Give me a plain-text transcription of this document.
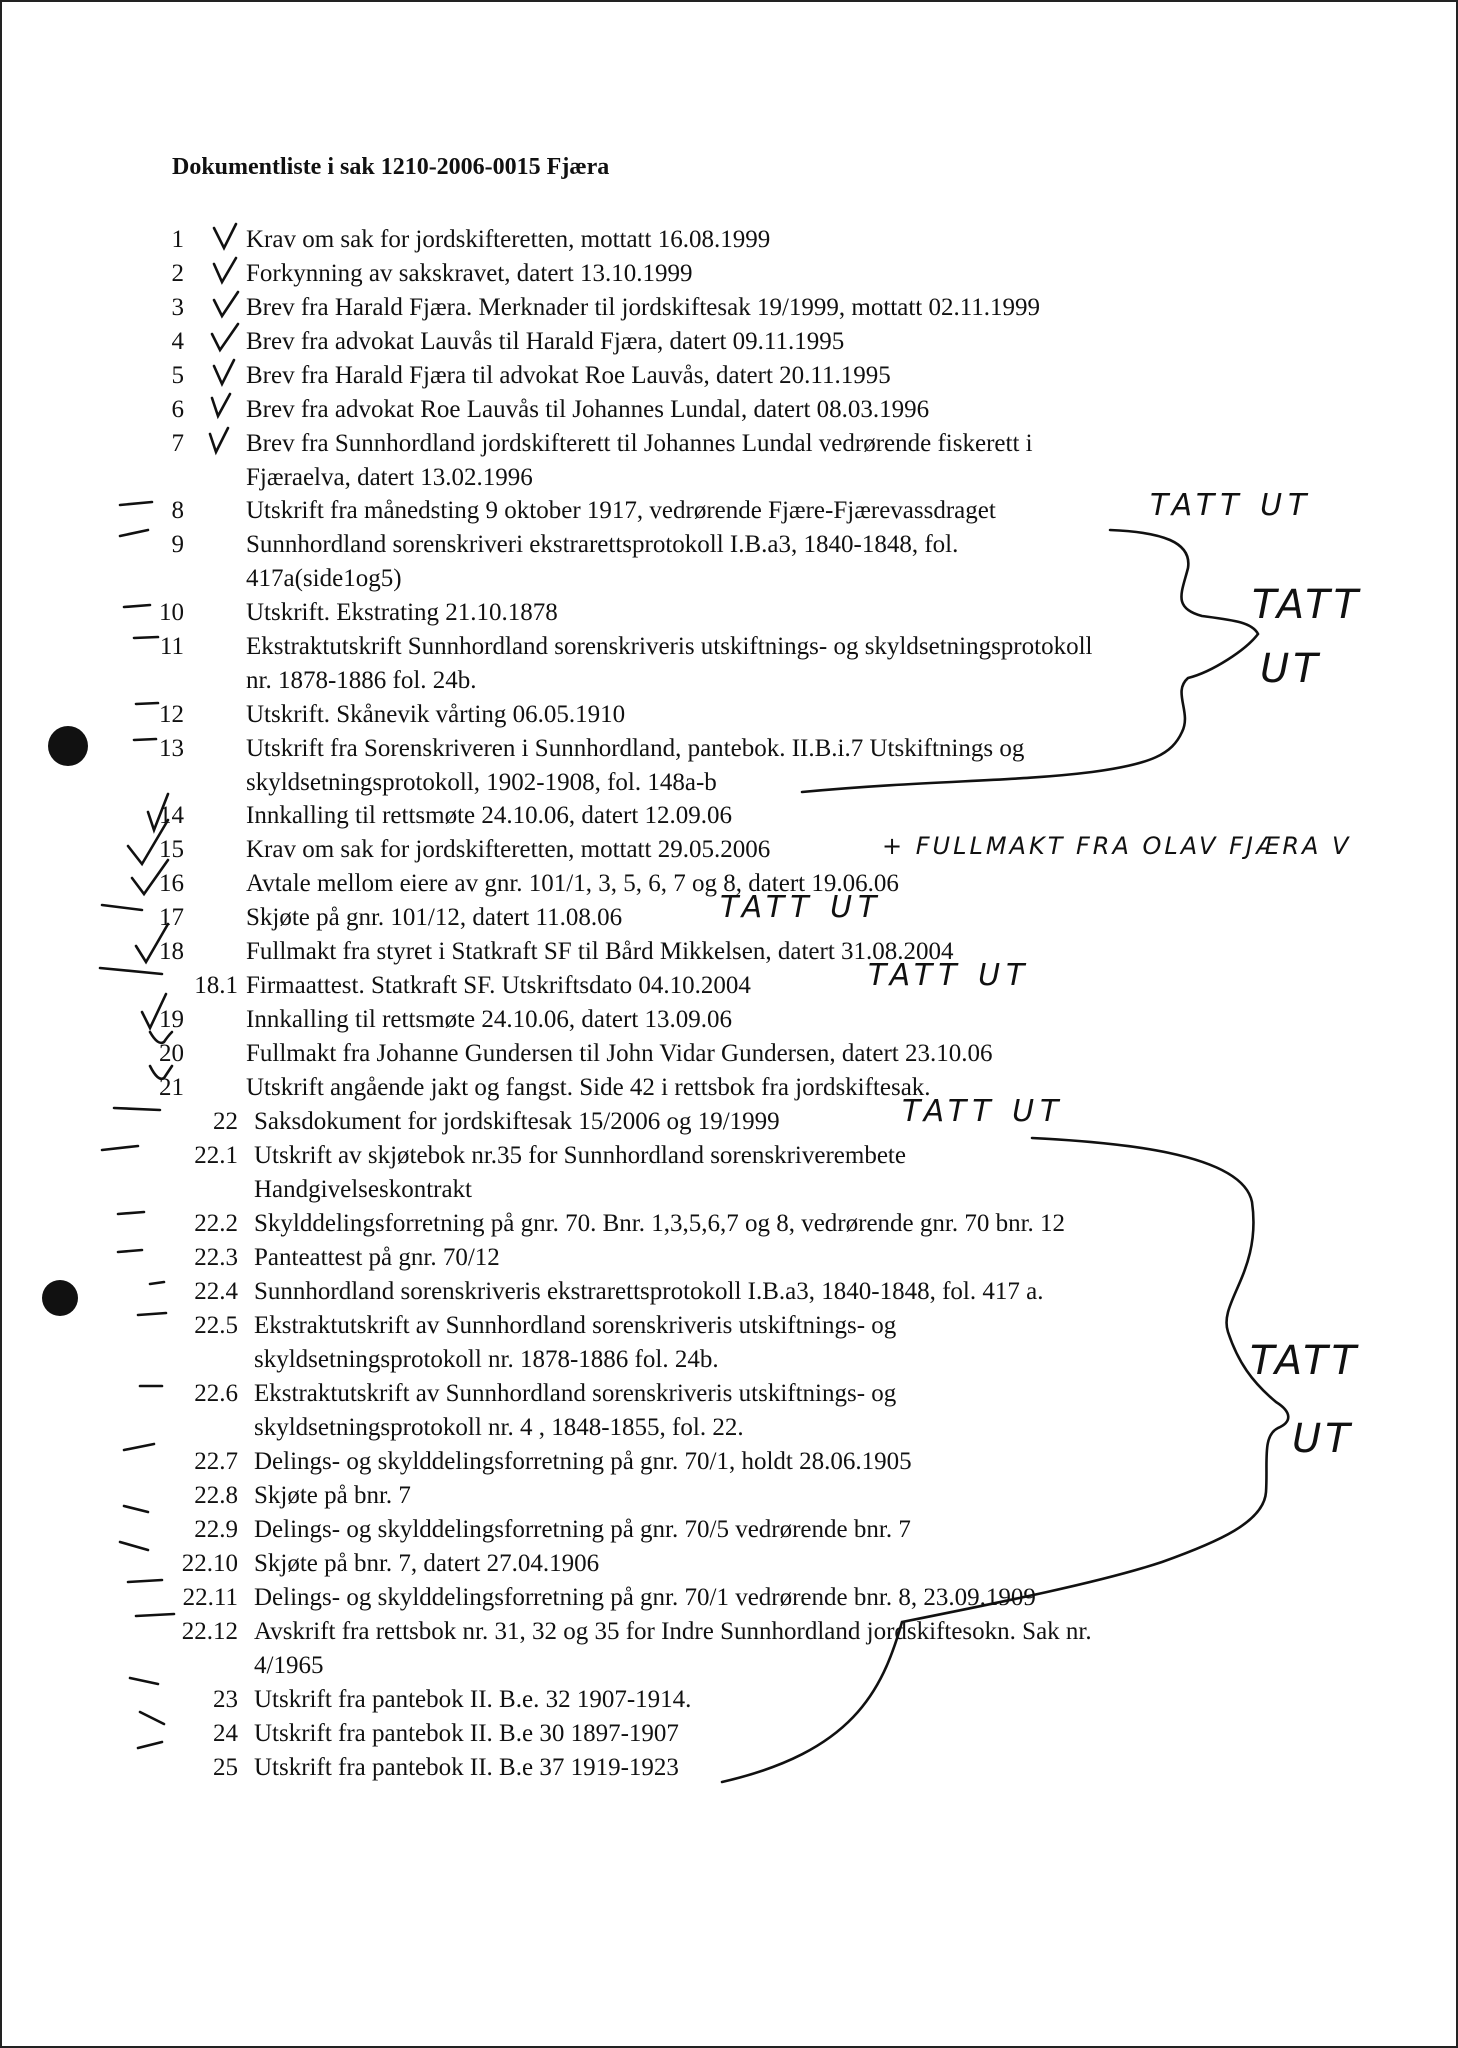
Dokumentliste i sak 1210-2006-0015 Fjæra
1 Krav om sak for jordskifteretten, mottatt 16.08.1999
2 Forkynning av sakskravet, datert 13.10.1999
3 Brev fra Harald Fjæra. Merknader til jordskiftesak 19/1999, mottatt 02.11.1999
4 Brev fra advokat Lauvås til Harald Fjæra, datert 09.11.1995
5 Brev fra Harald Fjæra til advokat Roe Lauvås, datert 20.11.1995
6 Brev fra advokat Roe Lauvås til Johannes Lundal, datert 08.03.1996
7 Brev fra Sunnhordland jordskifterett til Johannes Lundal vedrørende fiskerett i
Fjæraelva, datert 13.02.1996
8 Utskrift fra månedsting 9 oktober 1917, vedrørende Fjære-Fjærevassdraget
9 Sunnhordland sorenskriveri ekstrarettsprotokoll I.B.a3, 1840-1848, fol.
417a(side1og5)
10 Utskrift. Ekstrating 21.10.1878
11 Ekstraktutskrift Sunnhordland sorenskriveris utskiftnings- og skyldsetningsprotokoll
nr. 1878-1886 fol. 24b.
12 Utskrift. Skånevik vårting 06.05.1910
13 Utskrift fra Sorenskriveren i Sunnhordland, pantebok. II.B.i.7 Utskiftnings og
skyldsetningsprotokoll, 1902-1908, fol. 148a-b
14 Innkalling til rettsmøte 24.10.06, datert 12.09.06
15 Krav om sak for jordskifteretten, mottatt 29.05.2006
16 Avtale mellom eiere av gnr. 101/1, 3, 5, 6, 7 og 8, datert 19.06.06
17 Skjøte på gnr. 101/12, datert 11.08.06
18 Fullmakt fra styret i Statkraft SF til Bård Mikkelsen, datert 31.08.2004
18.1 Firmaattest. Statkraft SF. Utskriftsdato 04.10.2004
19 Innkalling til rettsmøte 24.10.06, datert 13.09.06
20 Fullmakt fra Johanne Gundersen til John Vidar Gundersen, datert 23.10.06
21 Utskrift angående jakt og fangst. Side 42 i rettsbok fra jordskiftesak.
22 Saksdokument for jordskiftesak 15/2006 og 19/1999
22.1 Utskrift av skjøtebok nr.35 for Sunnhordland sorenskriverembete
Handgivelseskontrakt
22.2 Skylddelingsforretning på gnr. 70. Bnr. 1,3,5,6,7 og 8, vedrørende gnr. 70 bnr. 12
22.3 Panteattest på gnr. 70/12
22.4 Sunnhordland sorenskriveris ekstrarettsprotokoll I.B.a3, 1840-1848, fol. 417 a.
22.5 Ekstraktutskrift av Sunnhordland sorenskriveris utskiftnings- og
skyldsetningsprotokoll nr. 1878-1886 fol. 24b.
22.6 Ekstraktutskrift av Sunnhordland sorenskriveris utskiftnings- og
skyldsetningsprotokoll nr. 4 , 1848-1855, fol. 22.
22.7 Delings- og skylddelingsforretning på gnr. 70/1, holdt 28.06.1905
22.8 Skjøte på bnr. 7
22.9 Delings- og skylddelingsforretning på gnr. 70/5 vedrørende bnr. 7
22.10 Skjøte på bnr. 7, datert 27.04.1906
22.11 Delings- og skylddelingsforretning på gnr. 70/1 vedrørende bnr. 8, 23.09.1909
22.12 Avskrift fra rettsbok nr. 31, 32 og 35 for Indre Sunnhordland jordskiftesokn. Sak nr.
4/1965
23 Utskrift fra pantebok II. B.e. 32 1907-1914.
24 Utskrift fra pantebok II. B.e 30 1897-1907
25 Utskrift fra pantebok II. B.e 37 1919-1923
TATT UT
TATT
UT
+ FULLMAKT FRA OLAV FJÆRA V
TATT UT
TATT UT
TATT UT
TATT
UT
